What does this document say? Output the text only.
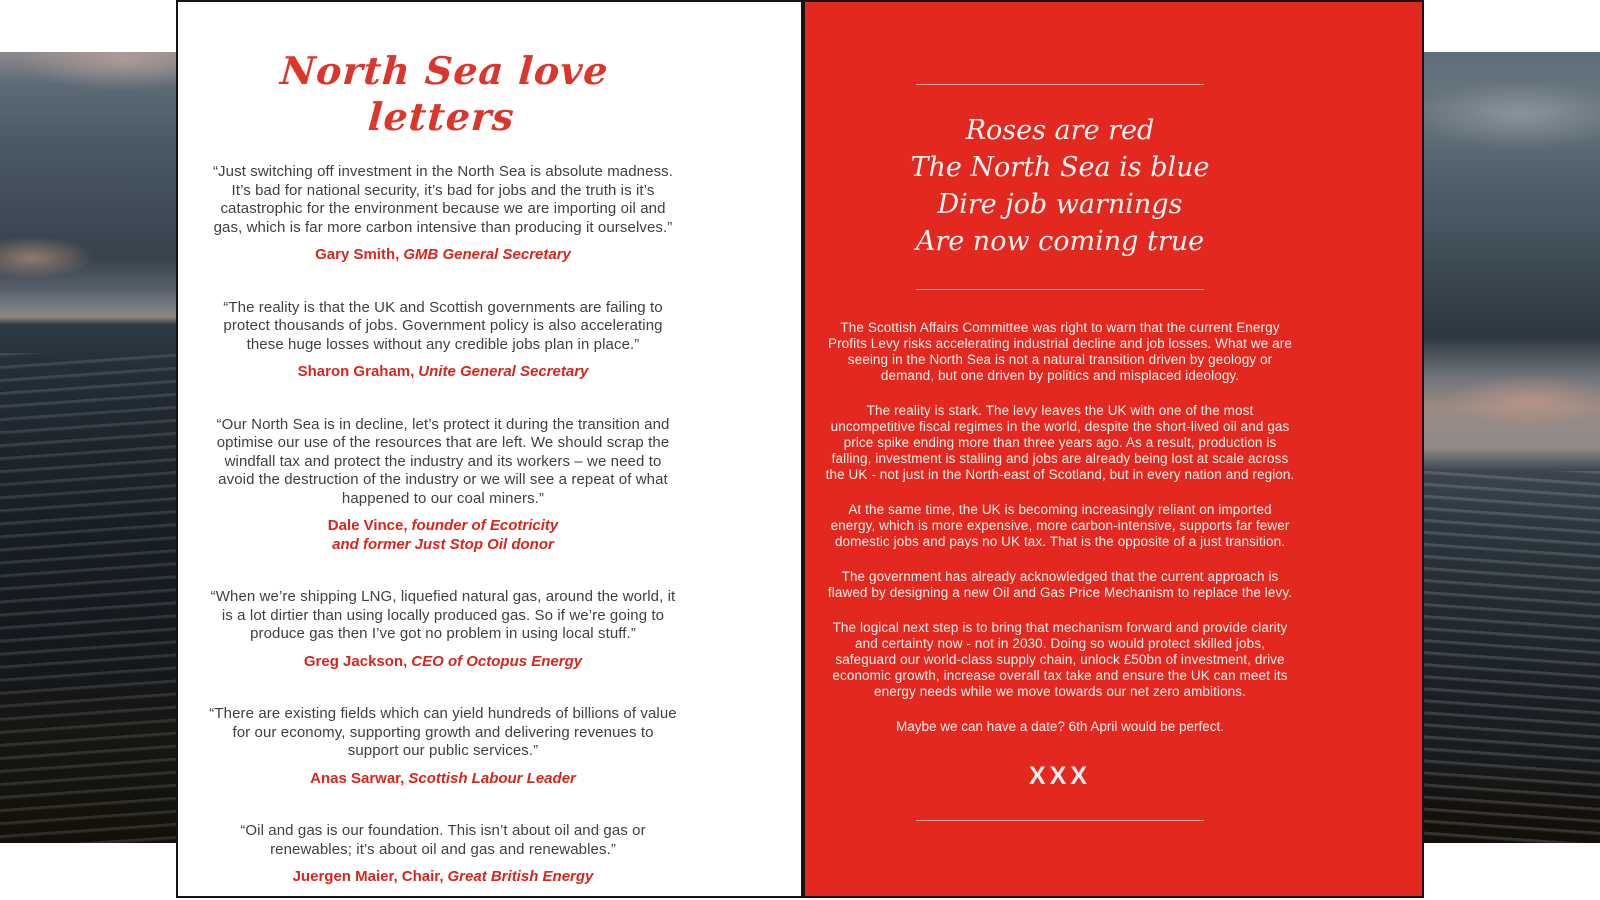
North Sea love letters

“Just switching off investment in the North Sea is absolute madness. It’s bad for national security, it’s bad for jobs and the truth is it’s catastrophic for the environment because we are importing oil and gas, which is far more carbon intensive than producing it ourselves.”

Gary Smith, GMB General Secretary

“The reality is that the UK and Scottish governments are failing to protect thousands of jobs. Government policy is also accelerating these huge losses without any credible jobs plan in place.”

Sharon Graham, Unite General Secretary

“Our North Sea is in decline, let’s protect it during the transition and optimise our use of the resources that are left. We should scrap the windfall tax and protect the industry and its workers – we need to avoid the destruction of the industry or we will see a repeat of what happened to our coal miners.”

Dale Vince, founder of Ecotricity
and former Just Stop Oil donor

“When we’re shipping LNG, liquefied natural gas, around the world, it is a lot dirtier than using locally produced gas. So if we’re going to produce gas then I’ve got no problem in using local stuff.”

Greg Jackson, CEO of Octopus Energy

“There are existing fields which can yield hundreds of billions of value for our economy, supporting growth and delivering revenues to support our public services.”

Anas Sarwar, Scottish Labour Leader

“Oil and gas is our foundation. This isn’t about oil and gas or renewables; it’s about oil and gas and renewables.”

Juergen Maier, Chair, Great British Energy
Roses are red
The North Sea is blue
Dire job warnings
Are now coming true

The Scottish Affairs Committee was right to warn that the current Energy Profits Levy risks accelerating industrial decline and job losses. What we are seeing in the North Sea is not a natural transition driven by geology or demand, but one driven by politics and misplaced ideology.

The reality is stark. The levy leaves the UK with one of the most uncompetitive fiscal regimes in the world, despite the short-lived oil and gas price spike ending more than three years ago. As a result, production is falling, investment is stalling and jobs are already being lost at scale across the UK - not just in the North-east of Scotland, but in every nation and region.

At the same time, the UK is becoming increasingly reliant on imported energy, which is more expensive, more carbon-intensive, supports far fewer domestic jobs and pays no UK tax. That is the opposite of a just transition.

The government has already acknowledged that the current approach is flawed by designing a new Oil and Gas Price Mechanism to replace the levy.

The logical next step is to bring that mechanism forward and provide clarity and certainty now - not in 2030. Doing so would protect skilled jobs, safeguard our world-class supply chain, unlock £50bn of investment, drive economic growth, increase overall tax take and ensure the UK can meet its energy needs while we move towards our net zero ambitions.

Maybe we can have a date? 6th April would be perfect.

XXX
